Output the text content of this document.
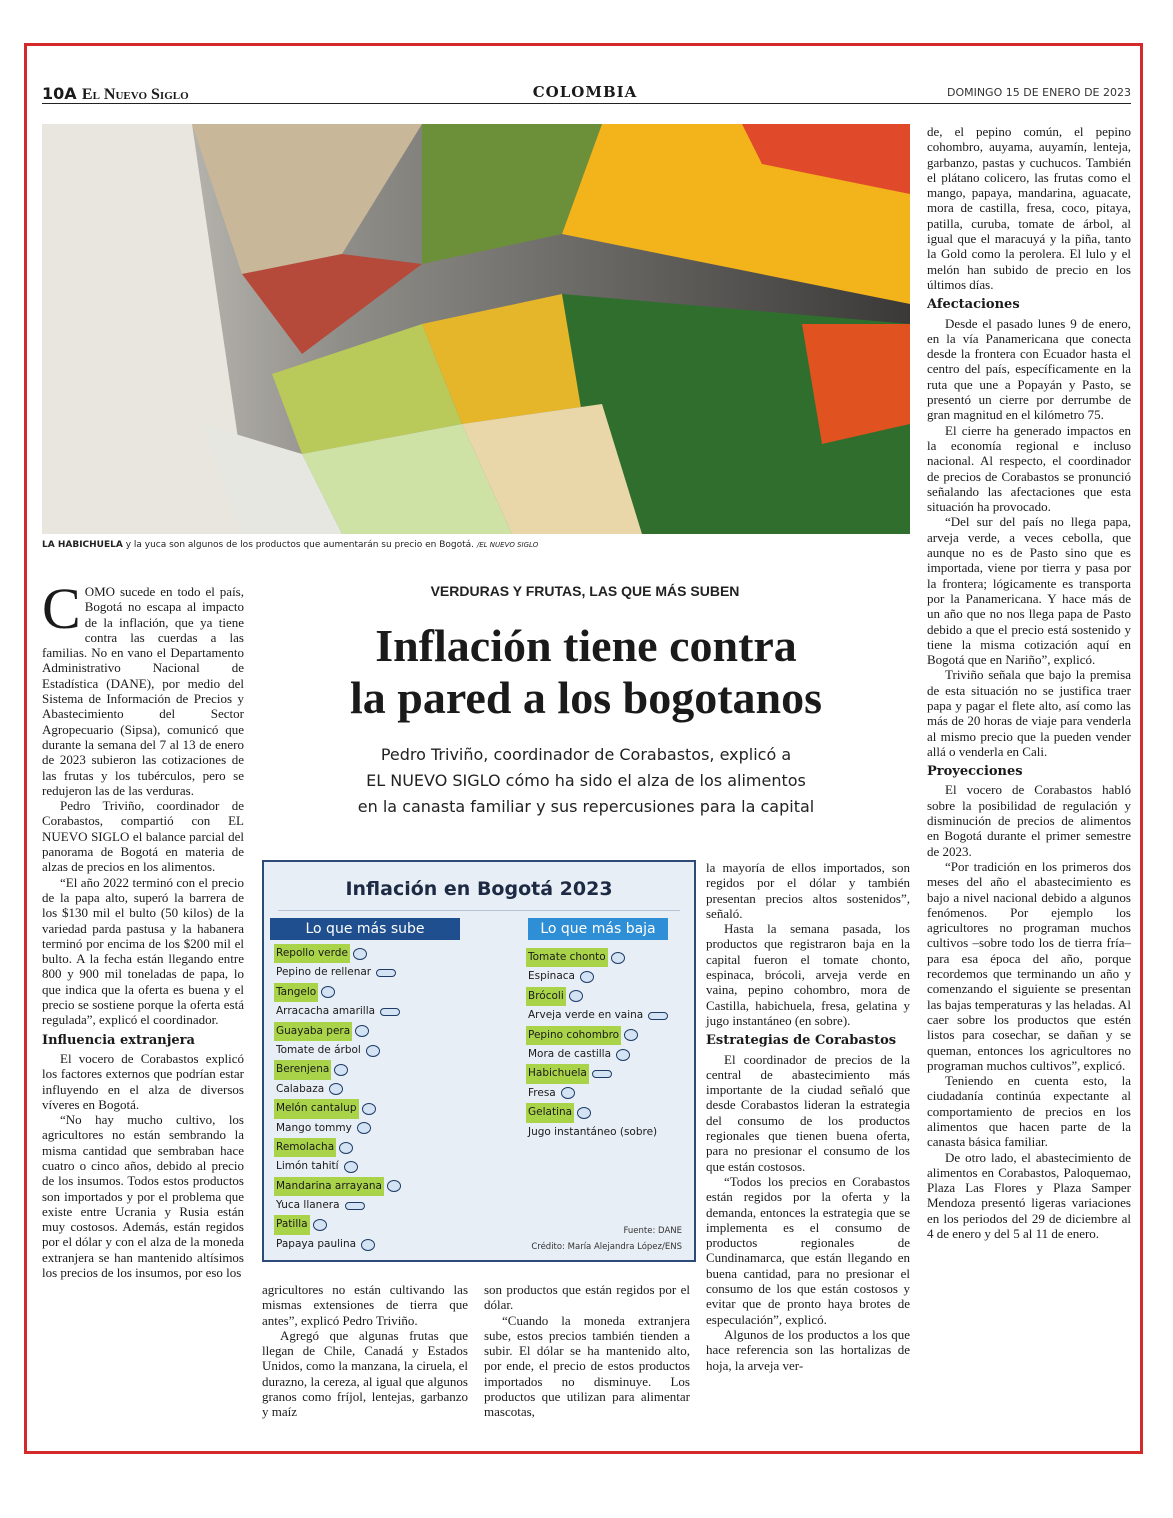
10A El Nuevo Siglo	COLOMBIA	DOMINGO 15 DE ENERO DE 2023
LA HABICHUELA y la yuca son algunos de los productos que aumentarán su precio en Bogotá. /EL NUEVO SIGLO

COMO sucede en todo el país, Bogotá no escapa al impacto de la inflación, que ya tiene contra las cuerdas a las familias. No en vano el Departamento Administrativo Nacional de Estadística (DANE), por medio del Sistema de Información de Precios y Abastecimiento del Sector Agropecuario (Sipsa), comunicó que durante la semana del 7 al 13 de enero de 2023 subieron las cotizaciones de las frutas y los tubérculos, pero se redujeron las de las verduras.

Pedro Triviño, coordinador de Corabastos, compartió con EL NUEVO SIGLO el balance parcial del panorama de Bogotá en materia de alzas de precios en los alimentos.

“El año 2022 terminó con el precio de la papa alto, superó la barrera de los $130 mil el bulto (50 kilos) de la variedad parda pastusa y la habanera terminó por encima de los $200 mil el bulto. A la fecha están llegando entre 800 y 900 mil toneladas de papa, lo que indica que la oferta es buena y el precio se sostiene porque la oferta está regulada”, explicó el coordinador.

Influencia extranjera

El vocero de Corabastos explicó los factores externos que podrían estar influyendo en el alza de diversos víveres en Bogotá.

“No hay mucho cultivo, los agricultores no están sembrando la misma cantidad que sembraban hace cuatro o cinco años, debido al precio de los insumos. Todos estos productos son importados y por el problema que existe entre Ucrania y Rusia están muy costosos. Además, están regidos por el dólar y con el alza de la moneda extranjera se han mantenido altísimos los precios de los insumos, por eso los

VERDURAS Y FRUTAS, LAS QUE MÁS SUBEN
Inflación tiene contra
la pared a los bogotanos
Pedro Triviño, coordinador de Corabastos, explicó a
EL NUEVO SIGLO cómo ha sido el alza de los alimentos
en la canasta familiar y sus repercusiones para la capital
Inflación en Bogotá 2023
Lo que más sube	Lo que más baja
Repollo verde
Pepino de rellenar
Tangelo
Arracacha amarilla
Guayaba pera
Tomate de árbol
Berenjena
Calabaza
Melón cantalup
Mango tommy
Remolacha
Limón tahití
Mandarina arrayana
Yuca llanera
Patilla
Papaya paulina
Tomate chonto
Espinaca
Brócoli
Arveja verde en vaina
Pepino cohombro
Mora de castilla
Habichuela
Fresa
Gelatina
Jugo instantáneo (sobre)
Fuente: DANE
Crédito: María Alejandra López/ENS

agricultores no están cultivando las mismas extensiones de tierra que antes”, explicó Pedro Triviño.

Agregó que algunas frutas que llegan de Chile, Canadá y Estados Unidos, como la manzana, la ciruela, el durazno, la cereza, al igual que algunos granos como fríjol, lentejas, garbanzo y maíz

son productos que están regidos por el dólar.

“Cuando la moneda extranjera sube, estos precios también tienden a subir. El dólar se ha mantenido alto, por ende, el precio de estos productos importados no disminuye. Los productos que utilizan para alimentar mascotas,

la mayoría de ellos importados, son regidos por el dólar y también presentan precios altos sostenidos”, señaló.

Hasta la semana pasada, los productos que registraron baja en la capital fueron el tomate chonto, espinaca, brócoli, arveja verde en vaina, pepino cohombro, mora de Castilla, habichuela, fresa, gelatina y jugo instantáneo (en sobre).

Estrategias de Corabastos

El coordinador de precios de la central de abastecimiento más importante de la ciudad señaló que desde Corabastos lideran la estrategia del consumo de los productos regionales que tienen buena oferta, para no presionar el consumo de los que están costosos.

“Todos los precios en Corabastos están regidos por la oferta y la demanda, entonces la estrategia que se implementa es el consumo de productos regionales de Cundinamarca, que están llegando en buena cantidad, para no presionar el consumo de los que están costosos y evitar que de pronto haya brotes de especulación”, explicó.

Algunos de los productos a los que hace referencia son las hortalizas de hoja, la arveja ver-

de, el pepino común, el pepino cohombro, auyama, auyamín, lenteja, garbanzo, pastas y cuchucos. También el plátano colicero, las frutas como el mango, papaya, mandarina, aguacate, mora de castilla, fresa, coco, pitaya, patilla, curuba, tomate de árbol, al igual que el maracuyá y la piña, tanto la Gold como la perolera. El lulo y el melón han subido de precio en los últimos días.

Afectaciones

Desde el pasado lunes 9 de enero, en la vía Panamericana que conecta desde la frontera con Ecuador hasta el centro del país, específicamente en la ruta que une a Popayán y Pasto, se presentó un cierre por derrumbe de gran magnitud en el kilómetro 75.

El cierre ha generado impactos en la economía regional e incluso nacional. Al respecto, el coordinador de precios de Corabastos se pronunció señalando las afectaciones que esta situación ha provocado.

“Del sur del país no llega papa, arveja verde, a veces cebolla, que aunque no es de Pasto sino que es importada, viene por tierra y pasa por la frontera; lógicamente es transporta por la Panamericana. Y hace más de un año que no nos llega papa de Pasto debido a que el precio está sostenido y tiene la misma cotización aquí en Bogotá que en Nariño”, explicó.

Triviño señala que bajo la premisa de esta situación no se justifica traer papa y pagar el flete alto, así como las más de 20 horas de viaje para venderla al mismo precio que la pueden vender allá o venderla en Cali.

Proyecciones

El vocero de Corabastos habló sobre la posibilidad de regulación y disminución de precios de alimentos en Bogotá durante el primer semestre de 2023.

“Por tradición en los primeros dos meses del año el abastecimiento es bajo a nivel nacional debido a algunos fenómenos. Por ejemplo los agricultores no programan muchos cultivos –sobre todo los de tierra fría– para esa época del año, porque recordemos que terminando un año y comenzando el siguiente se presentan las bajas temperaturas y las heladas. Al caer sobre los productos que estén listos para cosechar, se dañan y se queman, entonces los agricultores no programan muchos cultivos”, explicó.

Teniendo en cuenta esto, la ciudadanía continúa expectante al comportamiento de precios en los alimentos que hacen parte de la canasta básica familiar.

De otro lado, el abastecimiento de alimentos en Corabastos, Paloquemao, Plaza Las Flores y Plaza Samper Mendoza presentó ligeras variaciones en los periodos del 29 de diciembre al 4 de enero y del 5 al 11 de enero.
